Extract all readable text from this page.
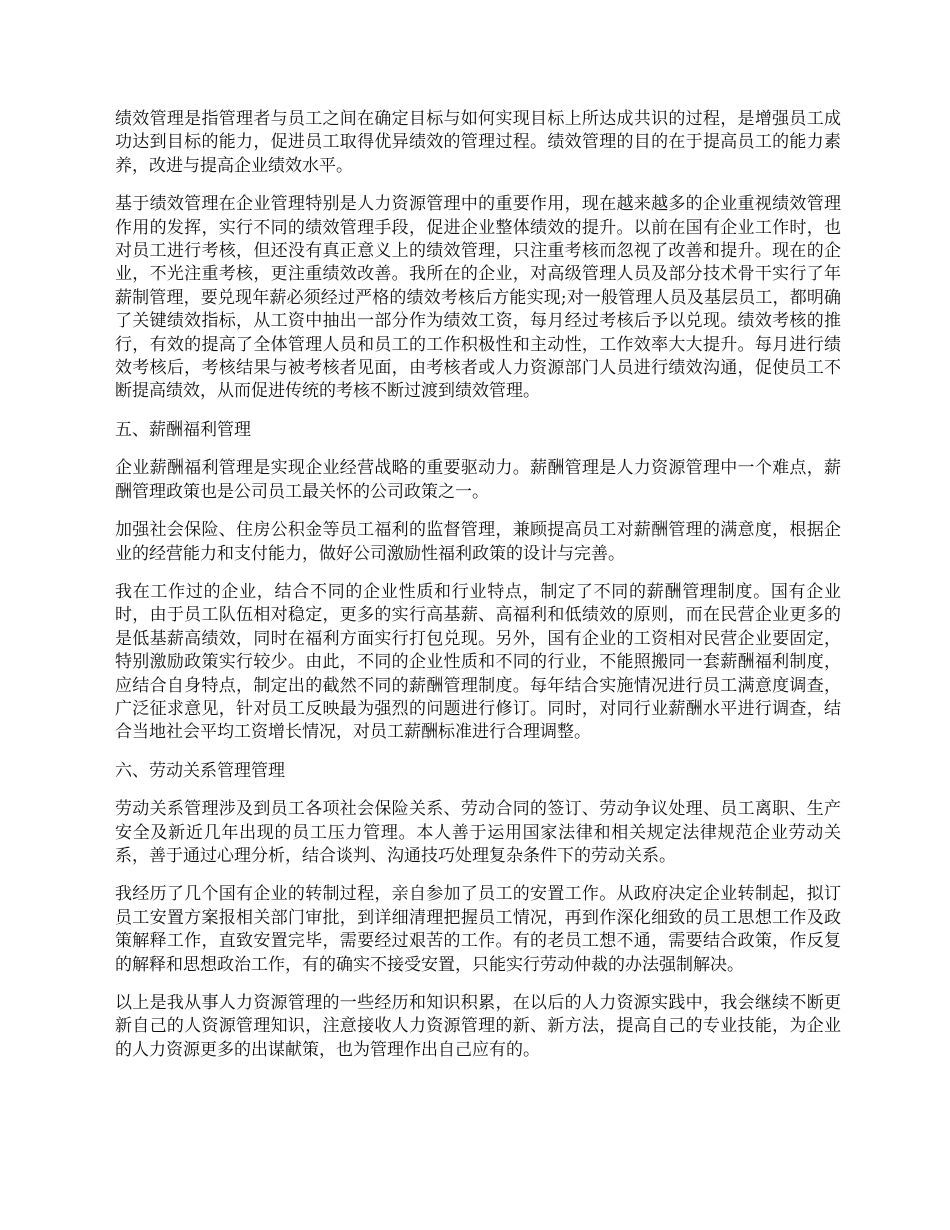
绩效管理是指管理者与员工之间在确定目标与如何实现目标上所达成共识的过程，是增强员工成功达到目标的能力，促进员工取得优异绩效的管理过程。绩效管理的目的在于提高员工的能力素养，改进与提高企业绩效水平。

基于绩效管理在企业管理特别是人力资源管理中的重要作用，现在越来越多的企业重视绩效管理作用的发挥，实行不同的绩效管理手段，促进企业整体绩效的提升。以前在国有企业工作时，也对员工进行考核，但还没有真正意义上的绩效管理，只注重考核而忽视了改善和提升。现在的企业，不光注重考核，更注重绩效改善。我所在的企业，对高级管理人员及部分技术骨干实行了年薪制管理，要兑现年薪必须经过严格的绩效考核后方能实现;对一般管理人员及基层员工，都明确了关键绩效指标，从工资中抽出一部分作为绩效工资，每月经过考核后予以兑现。绩效考核的推行，有效的提高了全体管理人员和员工的工作积极性和主动性，工作效率大大提升。每月进行绩效考核后，考核结果与被考核者见面，由考核者或人力资源部门人员进行绩效沟通，促使员工不断提高绩效，从而促进传统的考核不断过渡到绩效管理。

五、薪酬福利管理

企业薪酬福利管理是实现企业经营战略的重要驱动力。薪酬管理是人力资源管理中一个难点，薪酬管理政策也是公司员工最关怀的公司政策之一。

加强社会保险、住房公积金等员工福利的监督管理，兼顾提高员工对薪酬管理的满意度，根据企业的经营能力和支付能力，做好公司激励性福利政策的设计与完善。

我在工作过的企业，结合不同的企业性质和行业特点，制定了不同的薪酬管理制度。国有企业时，由于员工队伍相对稳定，更多的实行高基薪、高福利和低绩效的原则，而在民营企业更多的是低基薪高绩效，同时在福利方面实行打包兑现。另外，国有企业的工资相对民营企业要固定，特别激励政策实行较少。由此，不同的企业性质和不同的行业，不能照搬同一套薪酬福利制度，应结合自身特点，制定出的截然不同的薪酬管理制度。每年结合实施情况进行员工满意度调查，广泛征求意见，针对员工反映最为强烈的问题进行修订。同时，对同行业薪酬水平进行调查，结合当地社会平均工资增长情况，对员工薪酬标准进行合理调整。

六、劳动关系管理管理

劳动关系管理涉及到员工各项社会保险关系、劳动合同的签订、劳动争议处理、员工离职、生产安全及新近几年出现的员工压力管理。本人善于运用国家法律和相关规定法律规范企业劳动关系，善于通过心理分析，结合谈判、沟通技巧处理复杂条件下的劳动关系。

我经历了几个国有企业的转制过程，亲自参加了员工的安置工作。从政府决定企业转制起，拟订员工安置方案报相关部门审批，到详细清理把握员工情况，再到作深化细致的员工思想工作及政策解释工作，直致安置完毕，需要经过艰苦的工作。有的老员工想不通，需要结合政策，作反复的解释和思想政治工作，有的确实不接受安置，只能实行劳动仲裁的办法强制解决。

以上是我从事人力资源管理的一些经历和知识积累，在以后的人力资源实践中，我会继续不断更新自己的人资源管理知识，注意接收人力资源管理的新、新方法，提高自己的专业技能，为企业的人力资源更多的出谋献策，也为管理作出自己应有的。
